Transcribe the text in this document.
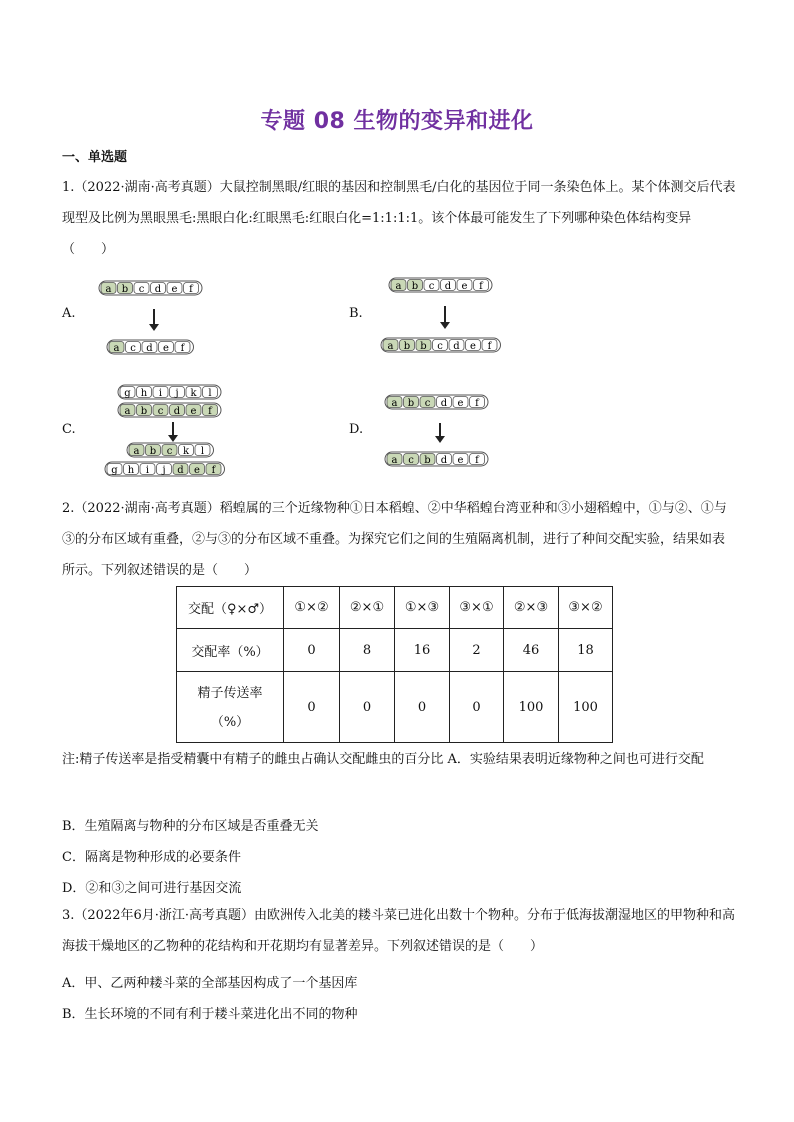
专题 08 生物的变异和进化
一、单选题
1.（2022·湖南·高考真题）大鼠控制黑眼/红眼的基因和控制黑毛/白化的基因位于同一条染色体上。某个体测交后代表现型及比例为黑眼黑毛:黑眼白化:红眼黑毛:红眼白化=1:1:1:1。该个体最可能发生了下列哪种染色体结构变异（　　）
A.	B.
C.	D.
a b c d e f
a c d e f
a b c d e f
a b b c d e f
g h i j k l
a b c d e f
a b c k l
g h i j d e f
a b c d e f
a c b d e f
2.（2022·湖南·高考真题）稻蝗属的三个近缘物种①日本稻蝗、②中华稻蝗台湾亚种和③小翅稻蝗中，①与②、①与③的分布区域有重叠，②与③的分布区域不重叠。为探究它们之间的生殖隔离机制，进行了种间交配实验，结果如表所示。下列叙述错误的是（　　）
交配（♀×♂）	①×②	②×①	①×③	③×①	②×③	③×②
交配率（%）	0	8	16	2	46	18

精子传送率
（%）	0	0	0	0	100	100
注:精子传送率是指受精囊中有精子的雌虫占确认交配雌虫的百分比 A．实验结果表明近缘物种之间也可进行交配
B．生殖隔离与物种的分布区域是否重叠无关
C．隔离是物种形成的必要条件
D．②和③之间可进行基因交流
3.（2022年6月·浙江·高考真题）由欧洲传入北美的耧斗菜已进化出数十个物种。分布于低海拔潮湿地区的甲物种和高海拔干燥地区的乙物种的花结构和开花期均有显著差异。下列叙述错误的是（　　）
A．甲、乙两种耧斗菜的全部基因构成了一个基因库
B．生长环境的不同有利于耧斗菜进化出不同的物种
